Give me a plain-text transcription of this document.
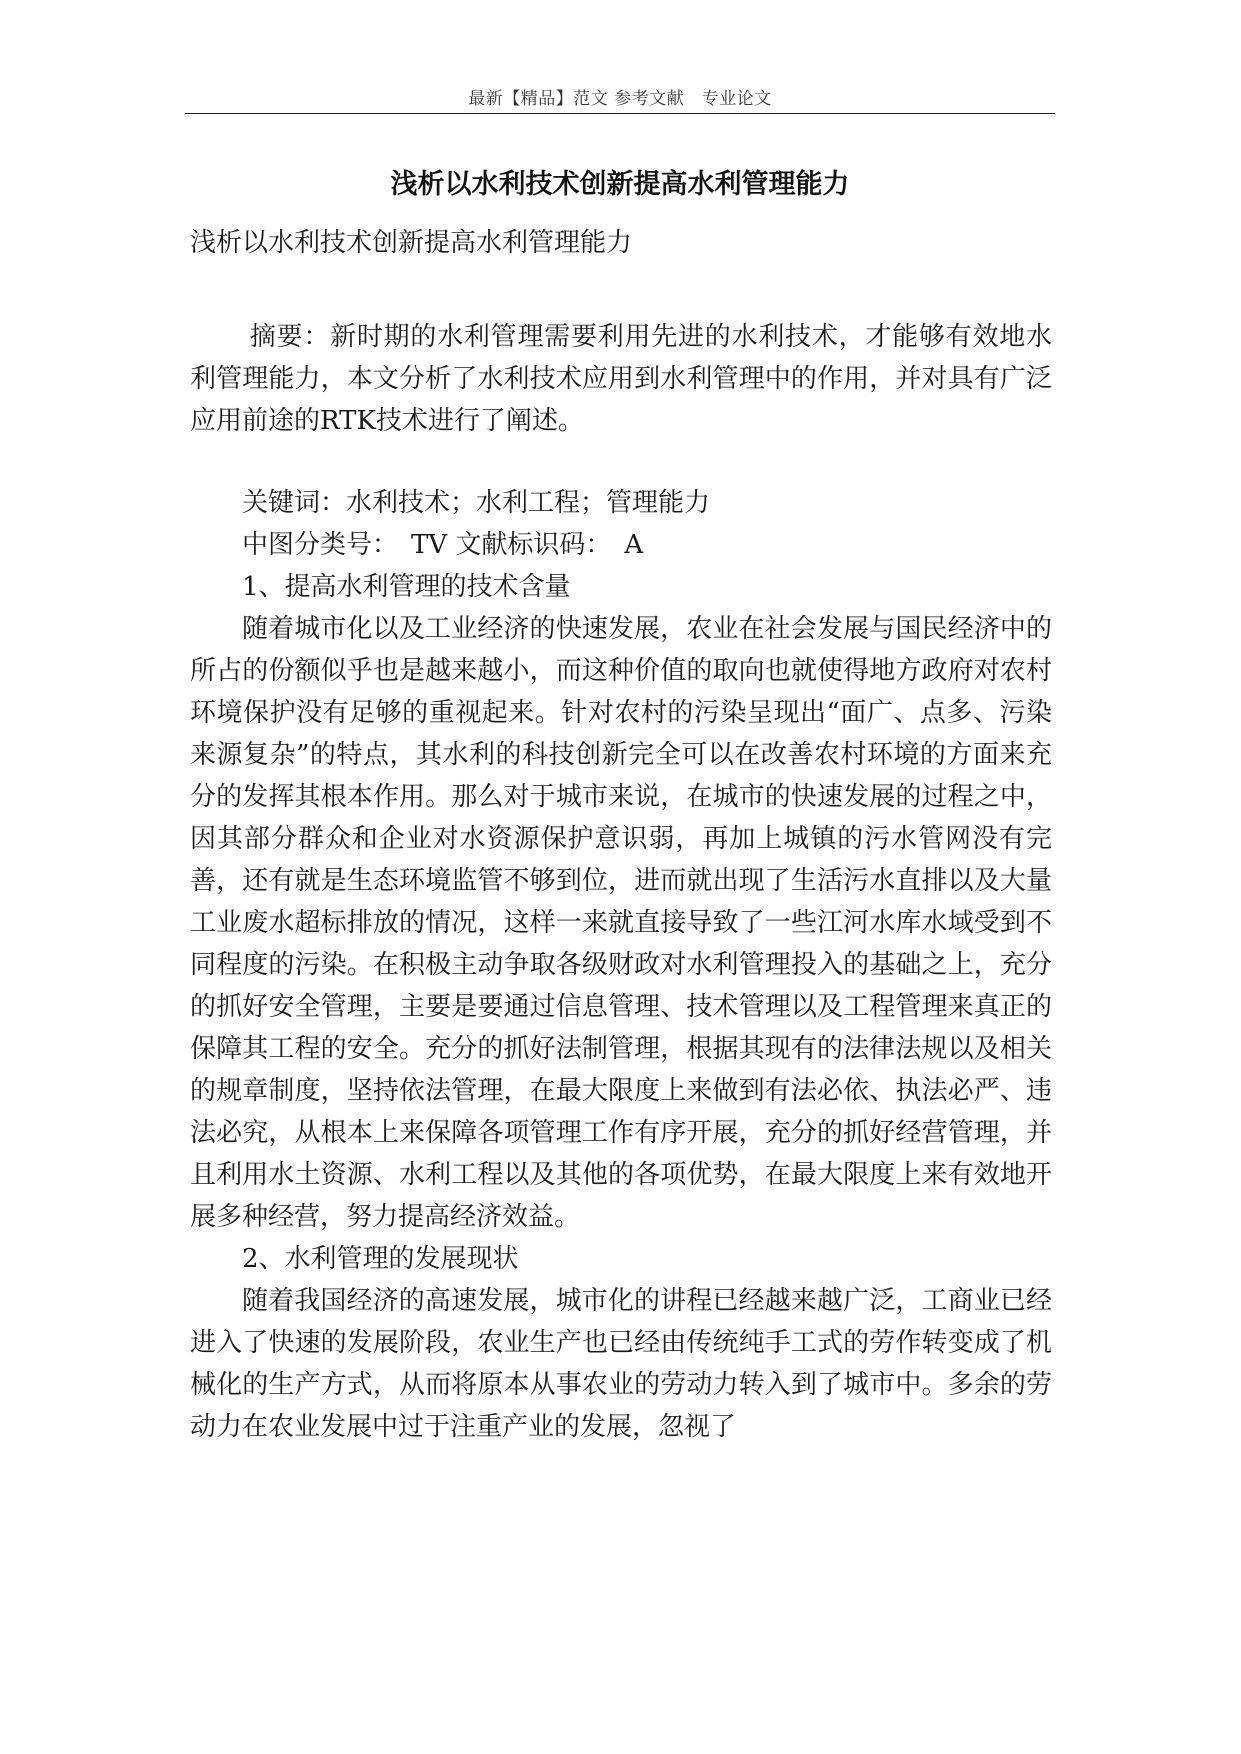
最新【精品】范文 参考文献　专业论文
浅析以水利技术创新提高水利管理能力

浅析以水利技术创新提高水利管理能力

摘要：新时期的水利管理需要利用先进的水利技术，才能够有效地水利管理能力，本文分析了水利技术应用到水利管理中的作用，并对具有广泛应用前途的RTK技术进行了阐述。

关键词：水利技术；水利工程；管理能力

中图分类号：　TV 文献标识码：　A

1、提高水利管理的技术含量

随着城市化以及工业经济的快速发展，农业在社会发展与国民经济中的所占的份额似乎也是越来越小，而这种价值的取向也就使得地方政府对农村环境保护没有足够的重视起来。针对农村的污染呈现出“面广、点多、污染来源复杂”的特点，其水利的科技创新完全可以在改善农村环境的方面来充分的发挥其根本作用。那么对于城市来说，在城市的快速发展的过程之中，因其部分群众和企业对水资源保护意识弱，再加上城镇的污水管网没有完善，还有就是生态环境监管不够到位，进而就出现了生活污水直排以及大量工业废水超标排放的情况，这样一来就直接导致了一些江河水库水域受到不同程度的污染。在积极主动争取各级财政对水利管理投入的基础之上，充分的抓好安全管理，主要是要通过信息管理、技术管理以及工程管理来真正的保障其工程的安全。充分的抓好法制管理，根据其现有的法律法规以及相关的规章制度，坚持依法管理，在最大限度上来做到有法必依、执法必严、违法必究，从根本上来保障各项管理工作有序开展，充分的抓好经营管理，并且利用水土资源、水利工程以及其他的各项优势，在最大限度上来有效地开展多种经营，努力提高经济效益。

2、水利管理的发展现状

随着我国经济的高速发展，城市化的讲程已经越来越广泛，工商业已经进入了快速的发展阶段，农业生产也已经由传统纯手工式的劳作转变成了机械化的生产方式，从而将原本从事农业的劳动力转入到了城市中。多余的劳动力在农业发展中过于注重产业的发展，忽视了
